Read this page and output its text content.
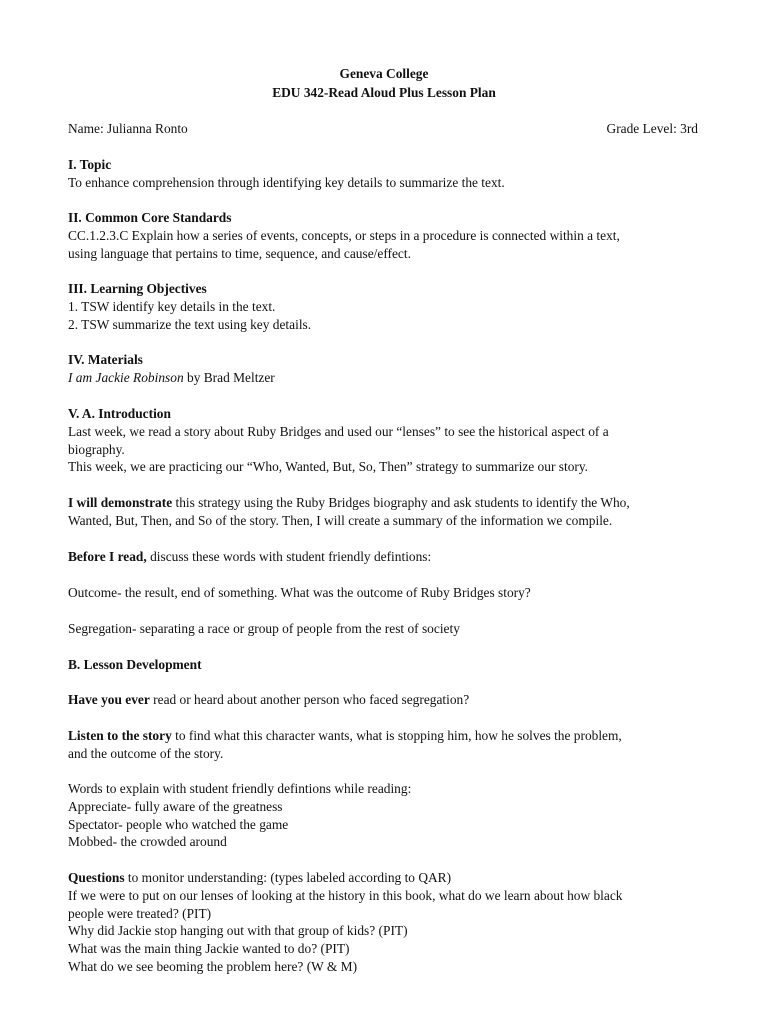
Geneva College

EDU 342-Read Aloud Plus Lesson Plan

Name: Julianna Ronto	Grade Level: 3rd

I. Topic

To enhance comprehension through identifying key details to summarize the text.

II. Common Core Standards

CC.1.2.3.C Explain how a series of events, concepts, or steps in a procedure is connected within a text,

using language that pertains to time, sequence, and cause/effect.

III. Learning Objectives

1. TSW identify key details in the text.

2. TSW summarize the text using key details.

IV. Materials

I am Jackie Robinson by Brad Meltzer

V. A. Introduction

Last week, we read a story about Ruby Bridges and used our “lenses” to see the historical aspect of a

biography.

This week, we are practicing our “Who, Wanted, But, So, Then” strategy to summarize our story.

I will demonstrate this strategy using the Ruby Bridges biography and ask students to identify the Who,

Wanted, But, Then, and So of the story. Then, I will create a summary of the information we compile.

Before I read, discuss these words with student friendly defintions:

Outcome- the result, end of something. What was the outcome of Ruby Bridges story?

Segregation- separating a race or group of people from the rest of society

B. Lesson Development

Have you ever read or heard about another person who faced segregation?

Listen to the story to find what this character wants, what is stopping him, how he solves the problem,

and the outcome of the story.

Words to explain with student friendly defintions while reading:

Appreciate- fully aware of the greatness

Spectator- people who watched the game

Mobbed- the crowded around

Questions to monitor understanding: (types labeled according to QAR)

If we were to put on our lenses of looking at the history in this book, what do we learn about how black

people were treated? (PIT)

Why did Jackie stop hanging out with that group of kids? (PIT)

What was the main thing Jackie wanted to do? (PIT)

What do we see beoming the problem here? (W & M)
